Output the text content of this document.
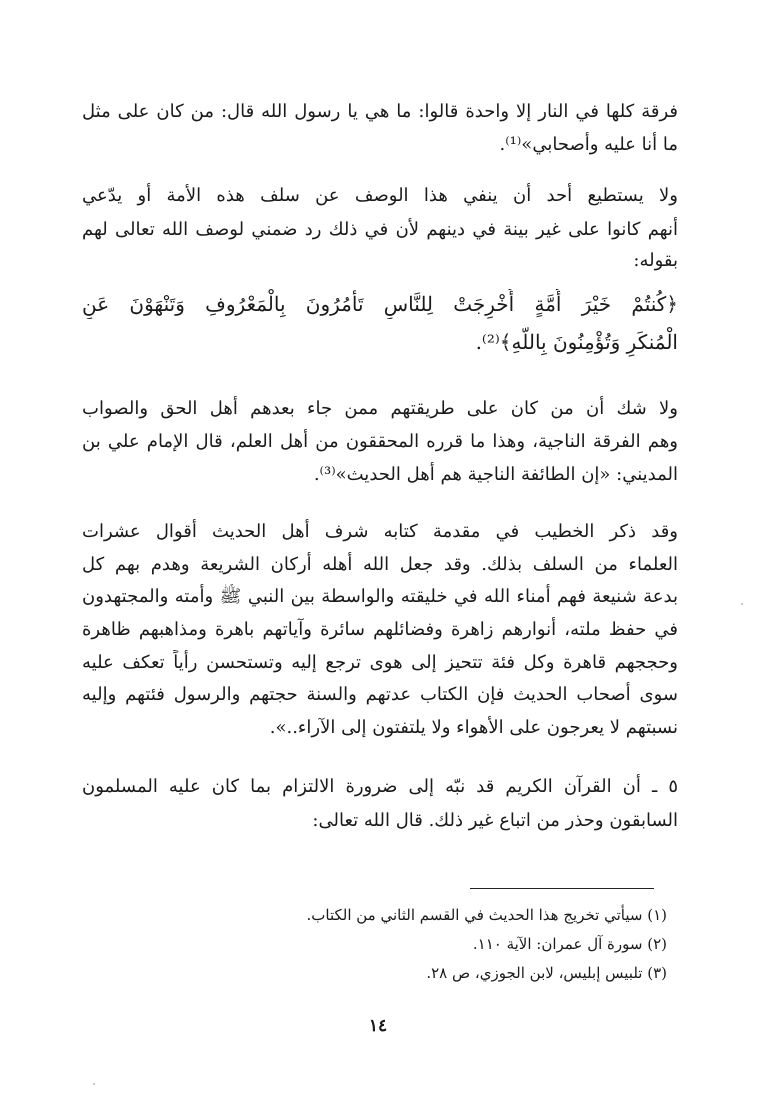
فرقة كلها في النار إلا واحدة قالوا: ما هي يا رسول الله قال: من كان على مثل
ما أنا عليه وأصحابي»⁽¹⁾.
ولا يستطيع أحد أن ينفي هذا الوصف عن سلف هذه الأمة أو يدّعي
أنهم كانوا على غير بينة في دينهم لأن في ذلك رد ضمني لوصف الله تعالى لهم
بقوله:
﴿كُنتُمْ خَيْرَ أُمَّةٍ أُخْرِجَتْ لِلنَّاسِ تَأْمُرُونَ بِالْمَعْرُوفِ وَتَنْهَوْنَ عَنِ
الْمُنكَرِ وَتُؤْمِنُونَ بِاللَّهِ﴾⁽²⁾.
ولا شك أن من كان على طريقتهم ممن جاء بعدهم أهل الحق والصواب
وهم الفرقة الناجية، وهذا ما قرره المحققون من أهل العلم، قال الإمام علي بن
المديني: «إن الطائفة الناجية هم أهل الحديث»⁽³⁾.
وقد ذكر الخطيب في مقدمة كتابه شرف أهل الحديث أقوال عشرات
العلماء من السلف بذلك. وقد جعل الله أهله أركان الشريعة وهدم بهم كل
بدعة شنيعة فهم أمناء الله في خليقته والواسطة بين النبي ﷺ وأمته والمجتهدون
في حفظ ملته، أنوارهم زاهرة وفضائلهم سائرة وآياتهم باهرة ومذاهبهم ظاهرة
وحججهم قاهرة وكل فئة تتحيز إلى هوى ترجع إليه وتستحسن رأياً تعكف عليه
سوى أصحاب الحديث فإن الكتاب عدتهم والسنة حجتهم والرسول فئتهم وإليه
نسبتهم لا يعرجون على الأهواء ولا يلتفتون إلى الآراء..».
٥ ـ أن القرآن الكريم قد نبّه إلى ضرورة الالتزام بما كان عليه المسلمون
السابقون وحذر من اتباع غير ذلك. قال الله تعالى:
(١) سيأتي تخريج هذا الحديث في القسم الثاني من الكتاب.
(٢) سورة آل عمران: الآية ١١٠.
(٣) تلبيس إبليس، لابن الجوزي، ص ٢٨.
١٤
